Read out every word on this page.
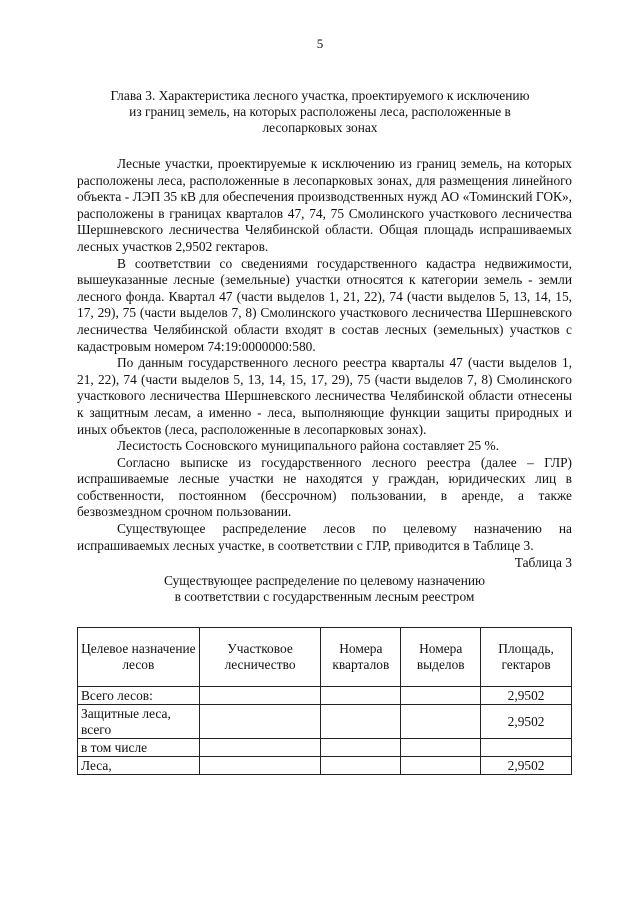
5
Глава 3. Характеристика лесного участка, проектируемого к исключению
из границ земель, на которых расположены леса, расположенные в
лесопарковых зонах

Лесные участки, проектируемые к исключению из границ земель, на которых расположены леса, расположенные в лесопарковых зонах, для размещения линейного объекта - ЛЭП 35 кВ для обеспечения производственных нужд АО «Томинский ГОК», расположены в границах кварталов 47, 74, 75 Смолинского участкового лесничества Шершневского лесничества Челябинской области. Общая площадь испрашиваемых лесных участков 2,9502 гектаров.

В соответствии со сведениями государственного кадастра недвижимости, вышеуказанные лесные (земельные) участки относятся к категории земель - земли лесного фонда. Квартал 47 (части выделов 1, 21, 22), 74 (части выделов 5, 13, 14, 15, 17, 29), 75 (части выделов 7, 8) Смолинского участкового лесничества Шершневского лесничества Челябинской области входят в состав лесных (земельных) участков с кадастровым номером 74:19:0000000:580.

По данным государственного лесного реестра кварталы 47 (части выделов 1, 21, 22), 74 (части выделов 5, 13, 14, 15, 17, 29), 75 (части выделов 7, 8) Смолинского участкового лесничества Шершневского лесничества Челябинской области отнесены к защитным лесам, а именно - леса, выполняющие функции защиты природных и иных объектов (леса, расположенные в лесопарковых зонах).

Лесистость Сосновского муниципального района составляет 25 %.

Согласно выписке из государственного лесного реестра (далее – ГЛР) испрашиваемые лесные участки не находятся у граждан, юридических лиц в собственности, постоянном (бессрочном) пользовании, в аренде, а также безвозмездном срочном пользовании.

Существующее распределение лесов по целевому назначению на испрашиваемых лесных участке, в соответствии с ГЛР, приводится в Таблице 3.

Таблица 3
Существующее распределение по целевому назначению
в соответствии с государственным лесным реестром
Целевое назначение лесов	Участковое лесничество	Номера кварталов	Номера выделов	Площадь, гектаров
Всего лесов:				2,9502
Защитные леса, всего				2,9502
в том числе				
Леса,				2,9502
